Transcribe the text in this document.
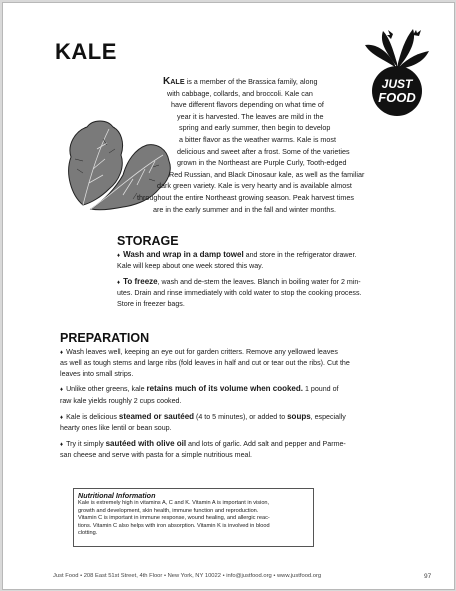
KALE
JUST
FOOD
KALE is a member of the Brassica family, along
with cabbage, collards, and broccoli. Kale can
have different flavors depending on what time of
year it is harvested. The leaves are mild in the
spring and early summer, then begin to develop
a bitter flavor as the weather warms. Kale is most
delicious and sweet after a frost. Some of the varieties
grown in the Northeast are Purple Curly, Tooth-edged
Red Russian, and Black Dinosaur kale, as well as the familiar
dark green variety. Kale is very hearty and is available almost
throughout the entire Northeast growing season. Peak harvest times
are in the early summer and in the fall and winter months.
STORAGE
♦ Wash and wrap in a damp towel and store in the refrigerator drawer.
Kale will keep about one week stored this way.
♦ To freeze, wash and de-stem the leaves. Blanch in boiling water for 2 min-
utes. Drain and rinse immediately with cold water to stop the cooking process.
Store in freezer bags.
PREPARATION
♦ Wash leaves well, keeping an eye out for garden critters. Remove any yellowed leaves
as well as tough stems and large ribs (fold leaves in half and cut or tear out the ribs). Cut the
leaves into small strips.
♦ Unlike other greens, kale retains much of its volume when cooked. 1 pound of
raw kale yields roughly 2 cups cooked.
♦ Kale is delicious steamed or sautéed (4 to 5 minutes), or added to soups, especially
hearty ones like lentil or bean soup.
♦ Try it simply sautéed with olive oil and lots of garlic. Add salt and pepper and Parme-
san cheese and serve with pasta for a simple nutritious meal.
Nutritional Information
Kale is extremely high in vitamins A, C and K. Vitamin A is important in vision,
growth and development, skin health, immune function and reproduction.
Vitamin C is important in immune response, wound healing, and allergic reac-
tions. Vitamin C also helps with iron absorption. Vitamin K is involved in blood
clotting.
Just Food • 208 East 51st Street, 4th Floor • New York, NY 10022 • info@justfood.org • www.justfood.org	97
